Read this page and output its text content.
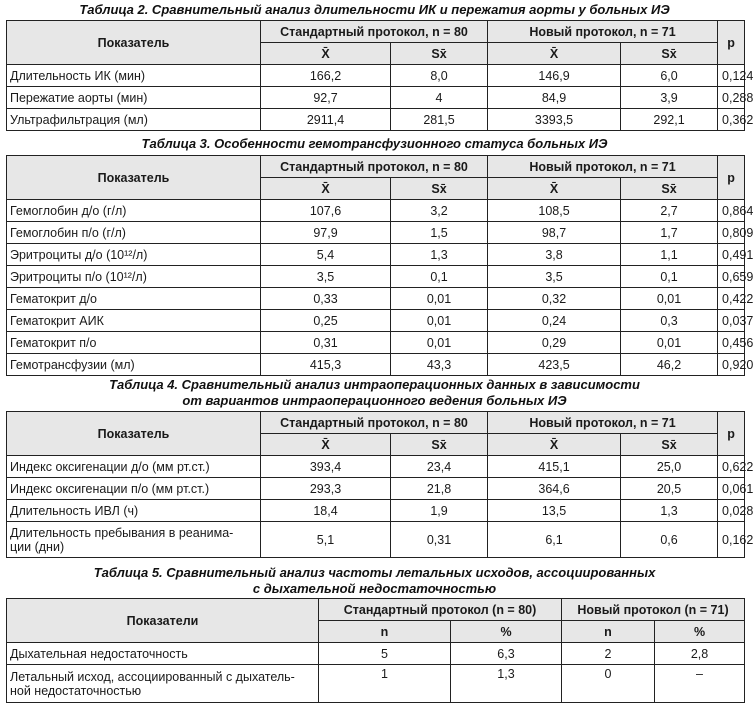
Таблица 2. Сравнительный анализ длительности ИК и пережатия аорты у больных ИЭ
Показатель	Стандартный протокол, n = 80		Новый протокол, n = 71		p
	X̄	Sx̄	X̄	Sx̄	
Длительность ИК (мин)	166,2	8,0	146,9	6,0	0,124
Пережатие аорты (мин)	92,7	4	84,9	3,9	0,288
Ультрафильтрация (мл)	2911,4	281,5	3393,5	292,1	0,362
Таблица 3. Особенности гемотрансфузионного статуса больных ИЭ
Показатель	Стандартный протокол, n = 80		Новый протокол, n = 71		p
	X̄	Sx̄	X̄	Sx̄	
Гемоглобин д/о (г/л)	107,6	3,2	108,5	2,7	0,864
Гемоглобин п/о (г/л)	97,9	1,5	98,7	1,7	0,809
Эритроциты д/о (10¹²/л)	5,4	1,3	3,8	1,1	0,491
Эритроциты п/о (10¹²/л)	3,5	0,1	3,5	0,1	0,659
Гематокрит д/о	0,33	0,01	0,32	0,01	0,422
Гематокрит АИК	0,25	0,01	0,24	0,3	0,037
Гематокрит п/о	0,31	0,01	0,29	0,01	0,456
Гемотрансфузии (мл)	415,3	43,3	423,5	46,2	0,920
Таблица 4. Сравнительный анализ интраоперационных данных в зависимости
от вариантов интраоперационного ведения больных ИЭ
Показатель	Стандартный протокол, n = 80		Новый протокол, n = 71		p
	X̄	Sx̄	X̄	Sx̄	
Индекс оксигенации д/о (мм рт.ст.)	393,4	23,4	415,1	25,0	0,622
Индекс оксигенации п/о (мм рт.ст.)	293,3	21,8	364,6	20,5	0,061
Длительность ИВЛ (ч)	18,4	1,9	13,5	1,3	0,028
Длительность пребывания в реанима-
ции (дни)	5,1	0,31	6,1	0,6	0,162
Таблица 5. Сравнительный анализ частоты летальных исходов, ассоциированных
с дыхательной недостаточностью
Показатели	Стандартный протокол (n = 80)		Новый протокол (n = 71)	
	n	%	n	%
Дыхательная недостаточность	5	6,3	2	2,8
Летальный исход, ассоциированный с дыхатель-
ной недостаточностью	1	1,3	0	–
